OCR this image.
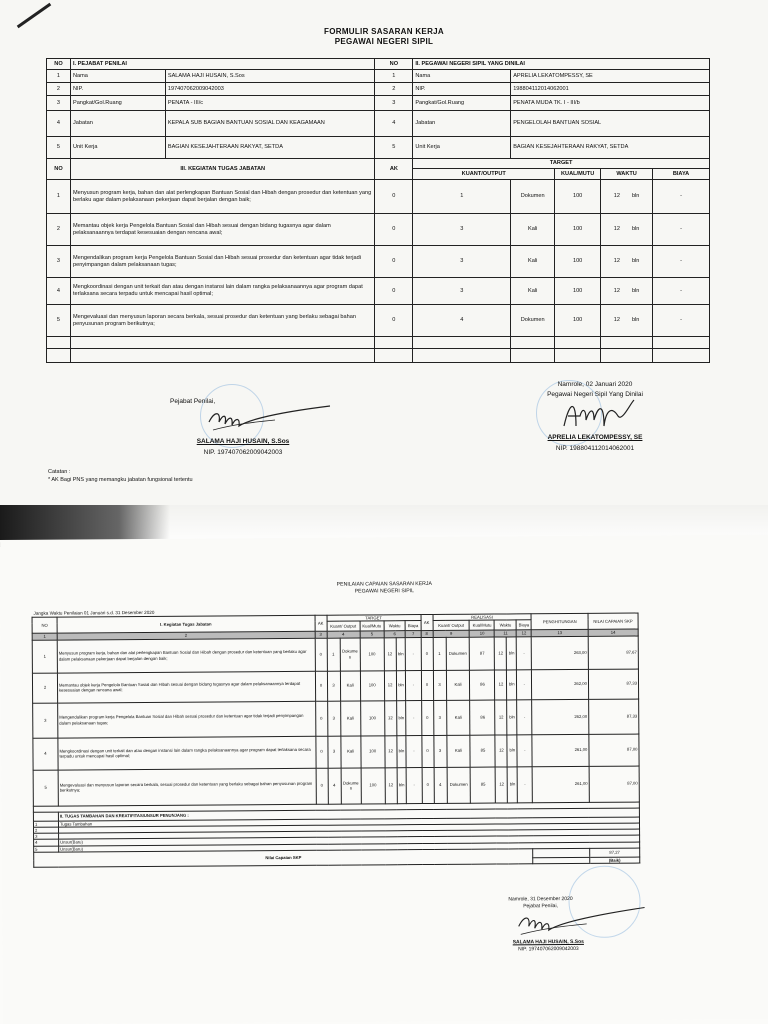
FORMULIR SASARAN KERJA
PEGAWAI NEGERI SIPIL
NO	I. PEJABAT PENILAI		NO	II. PEGAWAI NEGERI SIPIL YANG DINILAI				
1	Nama	SALAMA HAJI HUSAIN, S.Sos	1	Nama	APRELIA LEKATOMPESSY, SE			
2	NIP.	197407062009042003	2	NIP.	198804112014062001			
3	Pangkat/Gol.Ruang	PENATA - III/c	3	Pangkat/Gol.Ruang	PENATA MUDA TK. I - III/b			
4	Jabatan	KEPALA SUB BAGIAN BANTUAN SOSIAL DAN KEAGAMAAN	4	Jabatan	PENGELOLAH BANTUAN SOSIAL			
5	Unit Kerja	BAGIAN KESEJAHTERAAN RAKYAT, SETDA	5	Unit Kerja	BAGIAN KESEJAHTERAAN RAKYAT, SETDA			
NO	III. KEGIATAN TUGAS JABATAN		AK	TARGET				
				KUANT/OUTPUT		KUAL/MUTU	WAKTU	BIAYA
1	Menyusun program kerja, bahan dan alat perlengkapan Bantuan Sosial dan Hibah dengan prosedur dan ketentuan yang berlaku agar dalam pelaksanaan pekerjaan dapat berjalan dengan baik;		0	1	Dokumen	100	12 bln	-
2	Memantau objek kerja Pengelola Bantuan Sosial dan Hibah sesuai dengan bidang tugasnya agar dalam pelaksanaannya terdapat kesesuaian dengan rencana awal;		0	3	Kali	100	12 bln	-
3	Mengendalikan program kerja Pengelola Bantuan Sosial dan Hibah sesuai prosedur dan ketentuan agar tidak terjadi penyimpangan dalam pelaksanaan tugas;		0	3	Kali	100	12 bln	-
4	Mengkoordinasi dengan unit terkait dan atau dengan instansi lain dalam rangka pelaksanaannya agar program dapat terlaksana secara terpadu untuk mencapai hasil optimal;		0	3	Kali	100	12 bln	-
5	Mengevaluasi dan menyusun laporan secara berkala, sesuai prosedur dan ketentuan yang berlaku sebagai bahan penyusunan program berikutnya;		0	4	Dokumen	100	12 bln	-

Pejabat Penilai,
SALAMA HAJI HUSAIN, S.Sos
NIP. 197407062009042003
Namrole, 02 Januari 2020
Pegawai Negeri Sipil Yang Dinilai
APRELIA LEKATOMPESSY, SE
NIP. 198804112014062001
Catatan :
* AK Bagi PNS yang memangku jabatan fungsional tertentu
PENILAIAN CAPAIAN SASARAN KERJA
PEGAWAI NEGERI SIPIL
Jangka Waktu Penilaian 01 Januari s.d. 31 Desember 2020
NO	I. Kegiatan Tugas Jabatan	AK	TARGET						AK	REALISASI						PENGHITUNGAN	NILAI CAPAIAN SKP
			Kuant/ Output		Kual/Mutu	Waktu		Biaya		Kuant/ Output		Kual/Mutu	Waktu		Biaya		
1	2	3	4		5	6		7	8	9		10	11		12	13	14
1	Menyusun program kerja, bahan dan alat perlengkapan Bantuan Sosial dan Hibah dengan prosedur dan ketentuan yang berlaku agar dalam pelaksanaan pekerjaan dapat berjalan dengan baik;	0	1	Dokume n	100	12	bln	-	0	1	Dokumen	87	12	bln	-	263,00	87,67
2	Memantau objek kerja Pengelola Bantuan Sosial dan Hibah sesuai dengan bidang tugasnya agar dalam pelaksanaannya terdapat kesesuaian dengan rencana awal;	0	3	Kali	100	12	bln	-	0	3	Kali	86	12	bln	-	262,00	87,33
3	Mengendalikan program kerja Pengelola Bantuan Sosial dan Hibah sesuai prosedur dan ketentuan agar tidak terjadi penyimpangan dalam pelaksanaan tugas;	0	3	Kali	100	12	bln	-	0	3	Kali	86	12	bln	-	262,00	87,33
4	Mengkoordinasi dengan unit terkait dan atau dengan instansi lain dalam rangka pelaksanaannya agar program dapat terlaksana secara terpadu untuk mencapai hasil optimal;	0	3	Kali	100	12	bln	-	0	3	Kali	85	12	bln	-	261,00	87,00
5	Mengevaluasi dan menyusun laporan secara berkala, sesuai prosedur dan ketentuan yang berlaku sebagai bahan penyusunan program berikutnya;	0	4	Dokume n	100	12	bln	-	0	4	Dokumen	85	12	bln	-	261,00	87,00

	II. TUGAS TAMBAHAN DAN KREATIFITAS/UNSUR PENUNJANG :																
1	Tugas Tambahan																
2																	
3																	
4	Unsur(Baru)																
5	Unsur(Baru)																
Nilai Capaian SKP																	87,27
																	(Baik)
Namrole, 31 Desember 2020
Pejabat Penilai,
SALAMA HAJI HUSAIN, S.Sos
NIP. 197407062009042003
